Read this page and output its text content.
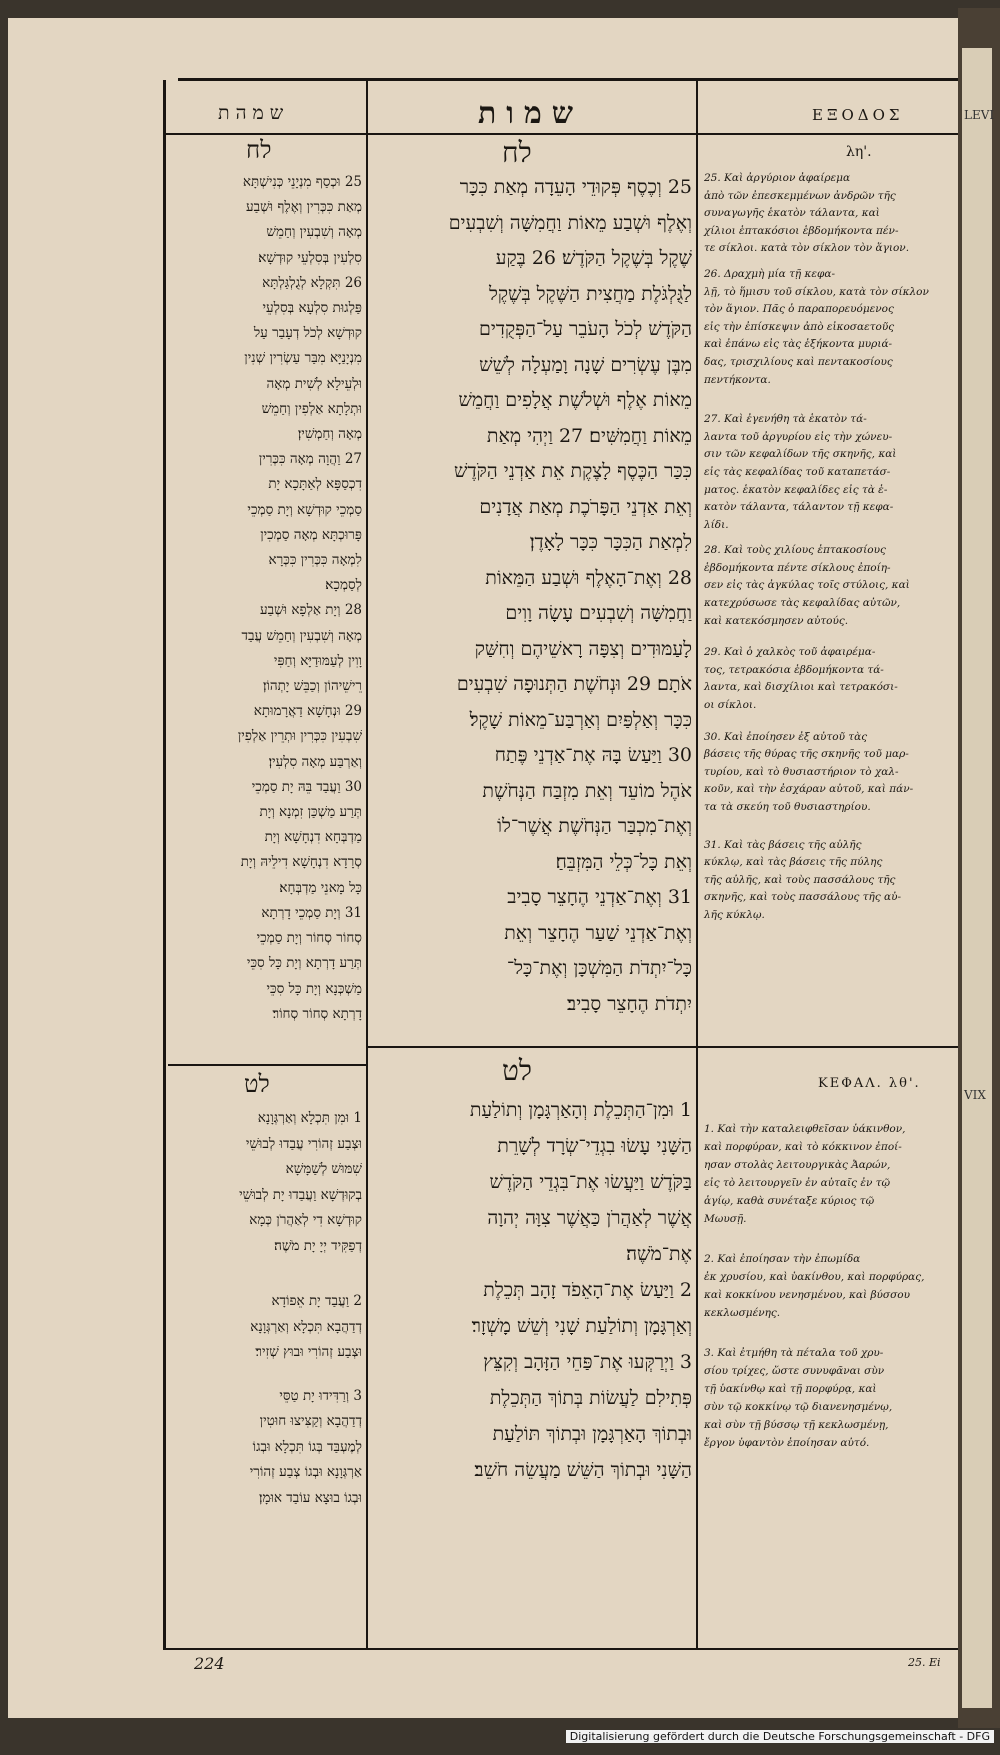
שמהת	שמות	ΕΞΟΔΟΣ
לח	לח	λη'.
לט	לט	ΚΕΦΑΛ. λθ'.

25 וּכְסַף מִנְיָנֵי כְּנִישְׁתָּא

מְאַת כִּכְּרִין וְאֶלֶף וּשְׁבַע

מְאָה וְשִׁבְעִין וְחַמֵשׁ

סִלְעִין בְּסִלְעֵי קוּדְשָׁא׃

26 תִּקְלָא לְגֻלְגַּלְתָּא

פַּלְגוּת סִלְעָא בְּסִלְעֵי

קוּדְשָׁא לְכֹל דְעָבַר עַל

מִנְיָנַיָּא מִבַּר עַשְׂרִין שְׁנִין

וּלְעֵילָא לְשִׁית מְאָה

וּתְלָתָא אַלְפִין וְחַמֵשׁ

מְאָה וְחַמְשִׁין׃

27 וַהֲוָה מְאָה כִּכְּרִין

דִכְסַפָּא לְאַתָּכָא יָת

סַמְכֵי קוּדְשָׁא וְיָת סַמְכֵי

פָּרוּכְתָּא מְאָה סַמְכִין

לִמְאָה כִּכְּרִין כִּכְּרָא

לְסַמְכָא׃

28 וְיָת אַלְפָא וּשְׁבַע

מְאָה וְשִׁבְעִין וְחַמֵשׁ עֲבַד

וָוִין לְעַמּוּדַיָּא וְחַפִּי

רֵישֵׁיהוֹן וְכַבֵּשׁ יָתְהוֹן׃

29 וּנְחָשָׁא דַאֲרָמוּתָא

שִׁבְעִין כִּכְּרִין וּתְרֵין אַלְפִין

וְאַרְבַּע מְאָה סִלְעִין׃

30 וַעֲבַד בֵּהּ יָת סַמְכֵי

תְּרַע מַשְׁכַּן זִמְנָא וְיָת

מַדְבְּחָא דִנְחָשָׁא וְיָת

סְרָדָא דִנְחָשָׁא דִילֵיהּ וְיָת

כָּל מָאנֵי מַדְבְּחָא׃

31 וְיָת סַמְכֵי דָרְתָא

סְחוֹר סְחוֹר וְיָת סַמְכֵי

תְּרַע דָרְתָא וְיָת כָּל סִכֵּי

מַשְׁכְּנָא וְיָת כָּל סִכֵּי

דָרְתָא סְחוֹר סְחוֹר׃

25 וְכֶסֶף פְּקוּדֵי הָעֵדָה מְאַת כִּכָּר

וְאֶלֶף וּשְׁבַע מֵאוֹת וַחֲמִשָּׁה וְשִׁבְעִים

שֶׁקֶל בְּשֶׁקֶל הַקֹּדֶשׁ׃ 26 בֶּקַע

לַגֻּלְגֹּלֶת מַחֲצִית הַשֶּׁקֶל בְּשֶׁקֶל

הַקֹּדֶשׁ לְכֹל הָעֹבֵר עַל־הַפְּקֻדִים

מִבֶּן עֶשְׂרִים שָׁנָה וָמַעְלָה לְשֵׁשׁ

מֵאוֹת אֶלֶף וּשְׁלֹשֶׁת אֲלָפִים וַחֲמֵשׁ

מֵאוֹת וַחֲמִשִּׁים׃ 27 וַיְהִי מְאַת

כִּכַּר הַכֶּסֶף לָצֶקֶת אֵת אַדְנֵי הַקֹּדֶשׁ

וְאֵת אַדְנֵי הַפָּרֹכֶת מְאַת אֲדָנִים

לִמְאַת הַכִּכָּר כִּכָּר לָאָדֶן׃

28 וְאֶת־הָאֶלֶף וּשְׁבַע הַמֵּאוֹת

וַחֲמִשָּׁה וְשִׁבְעִים עָשָׂה וָוִים

לָעַמּוּדִים וְצִפָּה רָאשֵׁיהֶם וְחִשַּׁק

אֹתָם׃ 29 וּנְחֹשֶׁת הַתְּנוּפָה שִׁבְעִים

כִּכָּר וְאַלְפַּיִם וְאַרְבַּע־מֵאוֹת שָׁקֶל׃

30 וַיַּעַשׂ בָּהּ אֶת־אַדְנֵי פֶּתַח

אֹהֶל מוֹעֵד וְאֵת מִזְבַּח הַנְּחֹשֶׁת

וְאֶת־מִכְבַּר הַנְּחֹשֶׁת אֲשֶׁר־לוֹ

וְאֵת כָּל־כְּלֵי הַמִּזְבֵּחַ׃

31 וְאֶת־אַדְנֵי הֶחָצֵר סָבִיב

וְאֶת־אַדְנֵי שַׁעַר הֶחָצֵר וְאֵת

כָּל־יִתְדֹת הַמִּשְׁכָּן וְאֶת־כָּל־

יִתְדֹת הֶחָצֵר סָבִיב׃

25. Καὶ ἀργύριον ἀφαίρεμα
ἀπὸ τῶν ἐπεσκεμμένων ἀνδρῶν τῆς
συναγωγῆς ἑκατὸν τάλαντα, καὶ
χίλιοι ἑπτακόσιοι ἑβδομήκοντα πέν-
τε σίκλοι. κατὰ τὸν σίκλον τὸν ἅγιον.
26. Δραχμὴ μία τῇ κεφα-
λῇ, τὸ ἥμισυ τοῦ σίκλου, κατὰ τὸν σίκλον
τὸν ἅγιον. Πᾶς ὁ παραπορευόμενος
εἰς τὴν ἐπίσκεψιν ἀπὸ εἰκοσαετοῦς
καὶ ἐπάνω εἰς τὰς ἑξήκοντα μυριά-
δας, τρισχιλίους καὶ πεντακοσίους
πεντήκοντα.
27. Καὶ ἐγενήθη τὰ ἑκατὸν τά-
λαντα τοῦ ἀργυρίου εἰς τὴν χώνευ-
σιν τῶν κεφαλίδων τῆς σκηνῆς, καὶ
εἰς τὰς κεφαλίδας τοῦ καταπετάσ-
ματος. ἑκατὸν κεφαλίδες εἰς τὰ ἑ-
κατὸν τάλαντα, τάλαντον τῇ κεφα-
λίδι.
28. Καὶ τοὺς χιλίους ἑπτακοσίους
ἑβδομήκοντα πέντε σίκλους ἐποίη-
σεν εἰς τὰς ἀγκύλας τοῖς στύλοις, καὶ
κατεχρύσωσε τὰς κεφαλίδας αὐτῶν,
καὶ κατεκόσμησεν αὐτούς.
29. Καὶ ὁ χαλκὸς τοῦ ἀφαιρέμα-
τος, τετρακόσια ἑβδομήκοντα τά-
λαντα, καὶ δισχίλιοι καὶ τετρακόσι-
οι σίκλοι.
30. Καὶ ἐποίησεν ἐξ αὐτοῦ τὰς
βάσεις τῆς θύρας τῆς σκηνῆς τοῦ μαρ-
τυρίου, καὶ τὸ θυσιαστήριον τὸ χαλ-
κοῦν, καὶ τὴν ἐσχάραν αὐτοῦ, καὶ πάν-
τα τὰ σκεύη τοῦ θυσιαστηρίου.
31. Καὶ τὰς βάσεις τῆς αὐλῆς
κύκλῳ, καὶ τὰς βάσεις τῆς πύλης
τῆς αὐλῆς, καὶ τοὺς πασσάλους τῆς
σκηνῆς, καὶ τοὺς πασσάλους τῆς αὐ-
λῆς κύκλῳ.

1 וּמִן תִּכְלָא וְאַרְגְּוָנָא

וּצְבַע זְהוֹרִי עֲבַדוּ לְבוּשֵׁי

שִׁמּוּשׁ לְשַׁמָּשָׁא

בְקוּדְשָׁא וַעֲבַדוּ יָת לְבוּשֵׁי

קוּדְשָׁא דִי לְאַהֲרֹן כְּמָא

דְפַקִּיד יְיָ יָת מֹשֶׁה׃

2 וַעֲבַד יָת אֵפוֹדָא

דְדַהֲבָא תִּכְלָא וְאַרְגְּוָנָא

וּצְבַע זְהוֹרִי וּבוּץ שְׁזִיר׃

3 וְרַדִּידוּ יָת טַסֵּי

דְדַהֲבָא וְקַצִּיצוּ חוּטִין

לְמֶעְבַּד בְּגוֹ תִּכְלָא וּבְגוֹ

אַרְגְּוָנָא וּבְגוֹ צְבַע זְהוֹרִי

וּבְגוֹ בוּצָא עוֹבַד אוּמָן׃

1 וּמִן־הַתְּכֵלֶת וְהָאַרְגָּמָן וְתוֹלַעַת

הַשָּׁנִי עָשׂוּ בִגְדֵי־שְׂרָד לְשָׁרֵת

בַּקֹּדֶשׁ וַיַּעֲשׂוּ אֶת־בִּגְדֵי הַקֹּדֶשׁ

אֲשֶׁר לְאַהֲרֹן כַּאֲשֶׁר צִוָּה יְהוָה

אֶת־מֹשֶׁה׃

2 וַיַּעַשׂ אֶת־הָאֵפֹד זָהָב תְּכֵלֶת

וְאַרְגָּמָן וְתוֹלַעַת שָׁנִי וְשֵׁשׁ מָשְׁזָר׃

3 וַיְרַקְּעוּ אֶת־פַּחֵי הַזָּהָב וְקִצֵּץ

פְּתִילִם לַעֲשׂוֹת בְּתוֹךְ הַתְּכֵלֶת

וּבְתוֹךְ הָאַרְגָּמָן וּבְתוֹךְ תּוֹלַעַת

הַשָּׁנִי וּבְתוֹךְ הַשֵּׁשׁ מַעֲשֵׂה חֹשֵׁב׃

1. Καὶ τὴν καταλειφθεῖσαν ὑάκινθον,
καὶ πορφύραν, καὶ τὸ κόκκινον ἐποί-
ησαν στολὰς λειτουργικὰς Ἀαρών,
εἰς τὸ λειτουργεῖν ἐν αὐταῖς ἐν τῷ
ἁγίῳ, καθὰ συνέταξε κύριος τῷ
Μωυσῇ.
2. Καὶ ἐποίησαν τὴν ἐπωμίδα
ἐκ χρυσίου, καὶ ὑακίνθου, καὶ πορφύρας,
καὶ κοκκίνου νενησμένου, καὶ βύσσου
κεκλωσμένης.
3. Καὶ ἐτμήθη τὰ πέταλα τοῦ χρυ-
σίου τρίχες, ὥστε συνυφᾶναι σὺν
τῇ ὑακίνθῳ καὶ τῇ πορφύρᾳ, καὶ
σὺν τῷ κοκκίνῳ τῷ διανενησμένῳ,
καὶ σὺν τῇ βύσσῳ τῇ κεκλωσμένῃ,
ἔργον ὑφαντὸν ἐποίησαν αὐτό.
224	25. Ei
LEVI
VIX
Digitalisierung gefördert durch die Deutsche Forschungsgemeinschaft - DFG
